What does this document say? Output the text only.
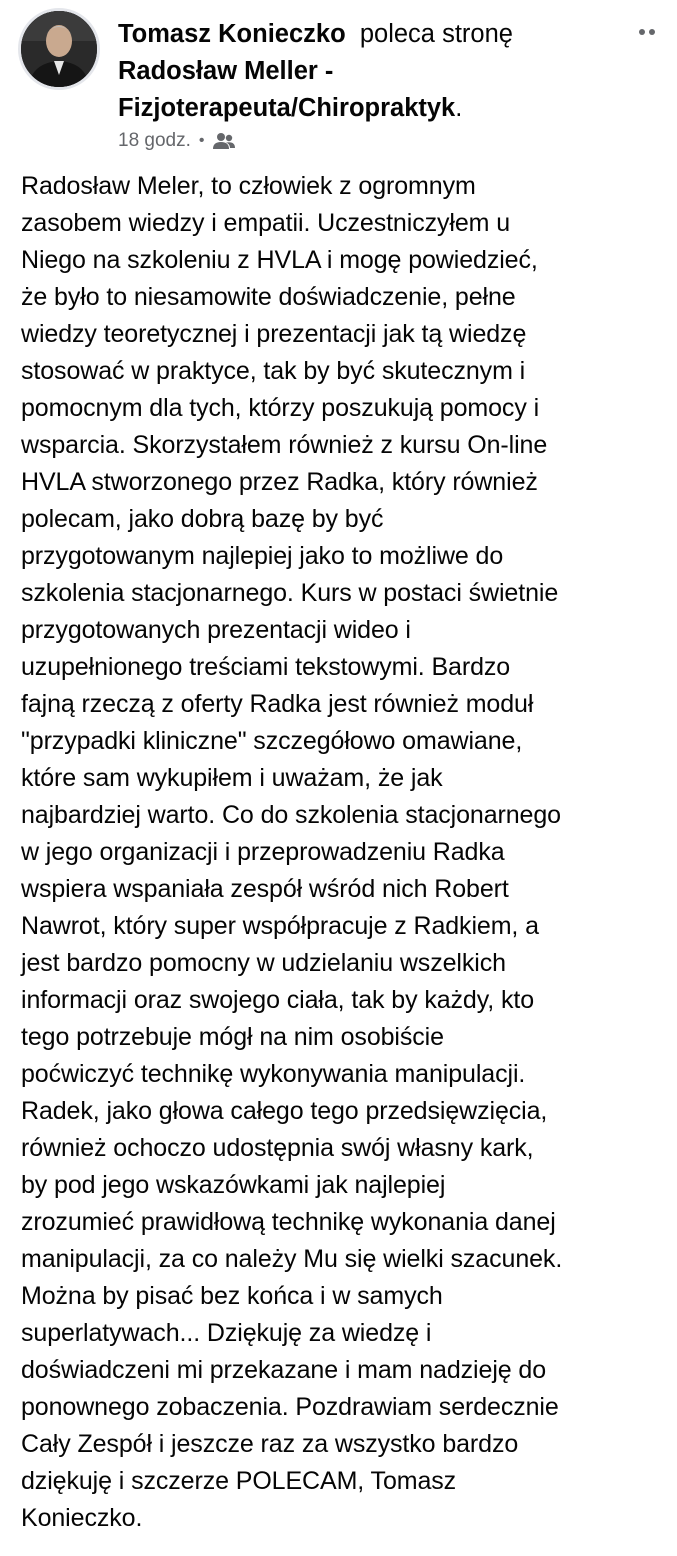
Tomasz Konieczko poleca stronę
Radosław Meller - Fizjoterapeuta/Chiropraktyk.
18 godz. •
Radosław Meler, to człowiek z ogromnym
zasobem wiedzy i empatii. Uczestniczyłem u
Niego na szkoleniu z HVLA i mogę powiedzieć,
że było to niesamowite doświadczenie, pełne
wiedzy teoretycznej i prezentacji jak tą wiedzę
stosować w praktyce, tak by być skutecznym i
pomocnym dla tych, którzy poszukują pomocy i
wsparcia. Skorzystałem również z kursu On-line
HVLA stworzonego przez Radka, który również
polecam, jako dobrą bazę by być
przygotowanym najlepiej jako to możliwe do
szkolenia stacjonarnego. Kurs w postaci świetnie
przygotowanych prezentacji wideo i
uzupełnionego treściami tekstowymi. Bardzo
fajną rzeczą z oferty Radka jest również moduł
"przypadki kliniczne" szczegółowo omawiane,
które sam wykupiłem i uważam, że jak
najbardziej warto. Co do szkolenia stacjonarnego
w jego organizacji i przeprowadzeniu Radka
wspiera wspaniała zespół wśród nich Robert
Nawrot, który super współpracuje z Radkiem, a
jest bardzo pomocny w udzielaniu wszelkich
informacji oraz swojego ciała, tak by każdy, kto
tego potrzebuje mógł na nim osobiście
poćwiczyć technikę wykonywania manipulacji.
Radek, jako głowa całego tego przedsięwzięcia,
również ochoczo udostępnia swój własny kark,
by pod jego wskazówkami jak najlepiej
zrozumieć prawidłową technikę wykonania danej
manipulacji, za co należy Mu się wielki szacunek.
Można by pisać bez końca i w samych
superlatywach... Dziękuję za wiedzę i
doświadczeni mi przekazane i mam nadzieję do
ponownego zobaczenia. Pozdrawiam serdecznie
Cały Zespół i jeszcze raz za wszystko bardzo
dziękuję i szczerze POLECAM, Tomasz
Konieczko.
